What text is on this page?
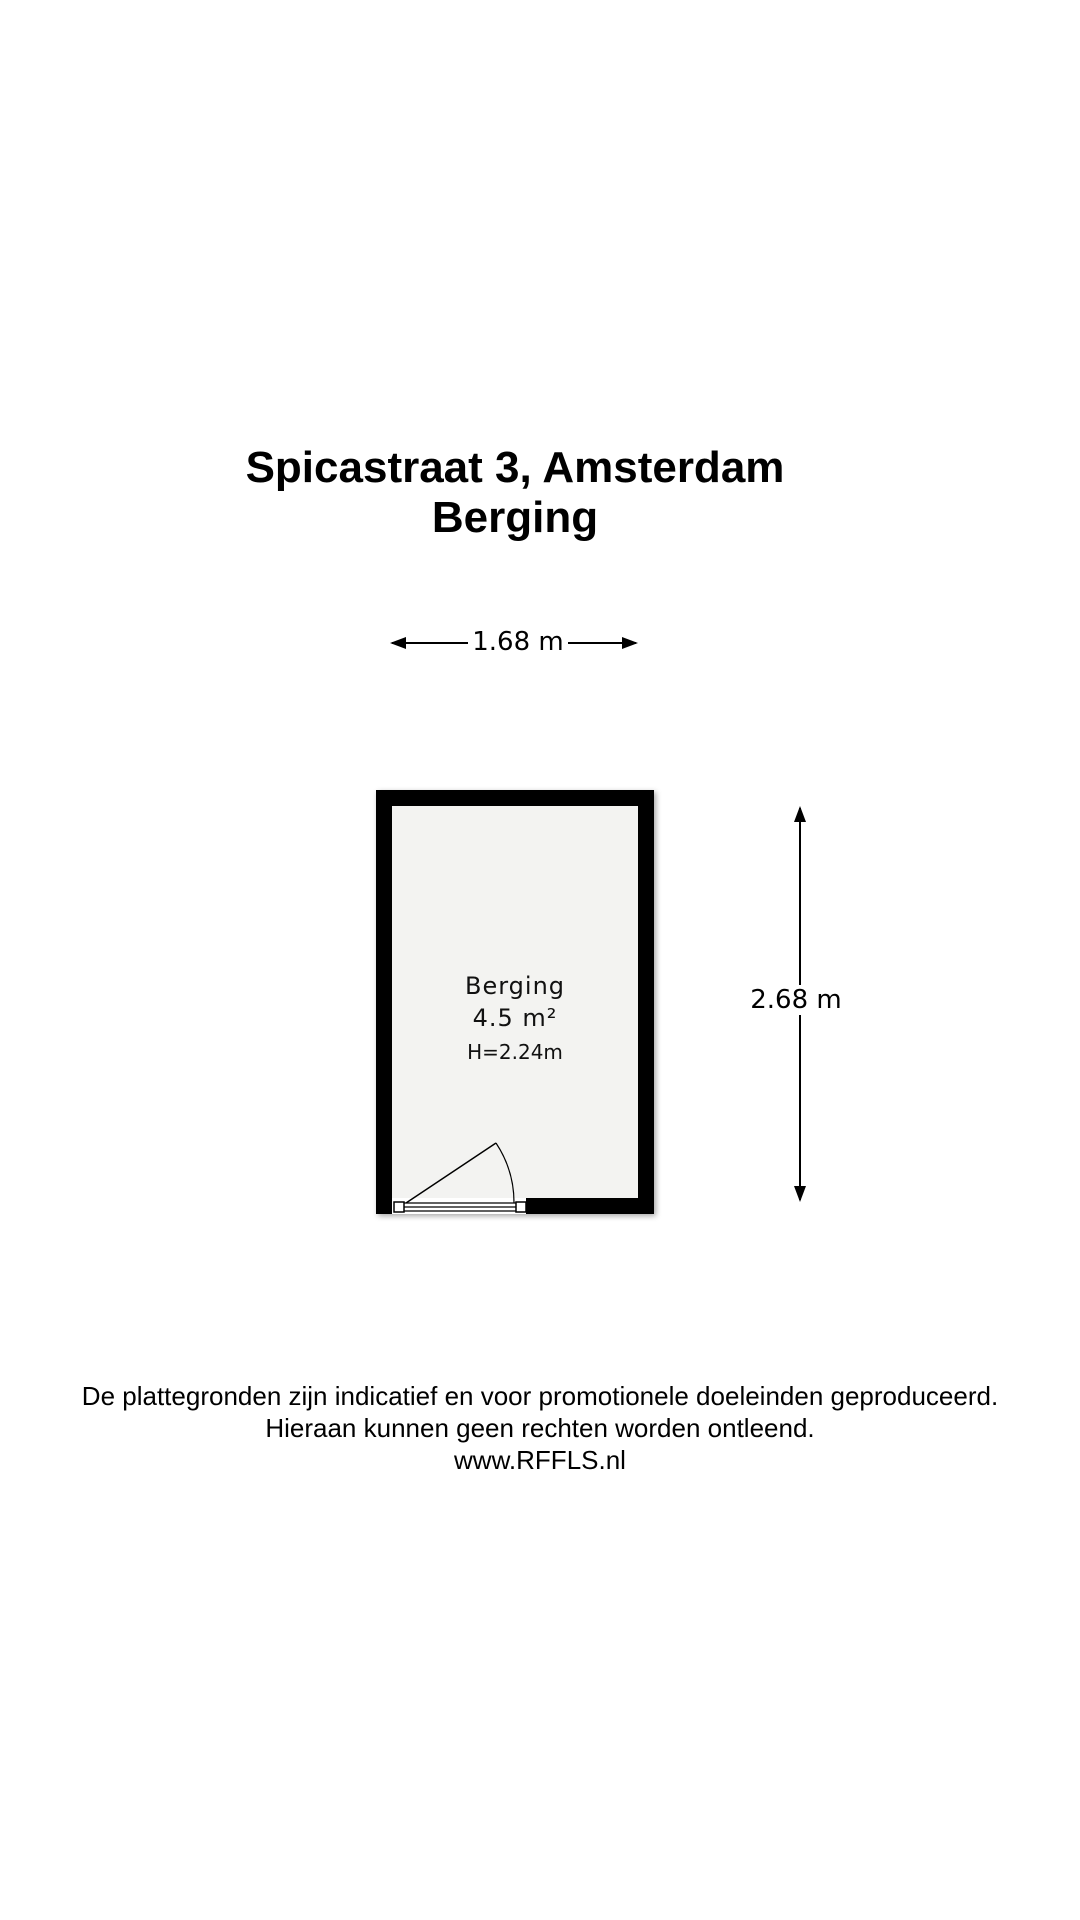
Spicastraat 3, Amsterdam
Berging
1.68 m
2.68 m
Berging
4.5 m²
H=2.24m
De plattegronden zijn indicatief en voor promotionele doeleinden geproduceerd.
Hieraan kunnen geen rechten worden ontleend.
www.RFFLS.nl
